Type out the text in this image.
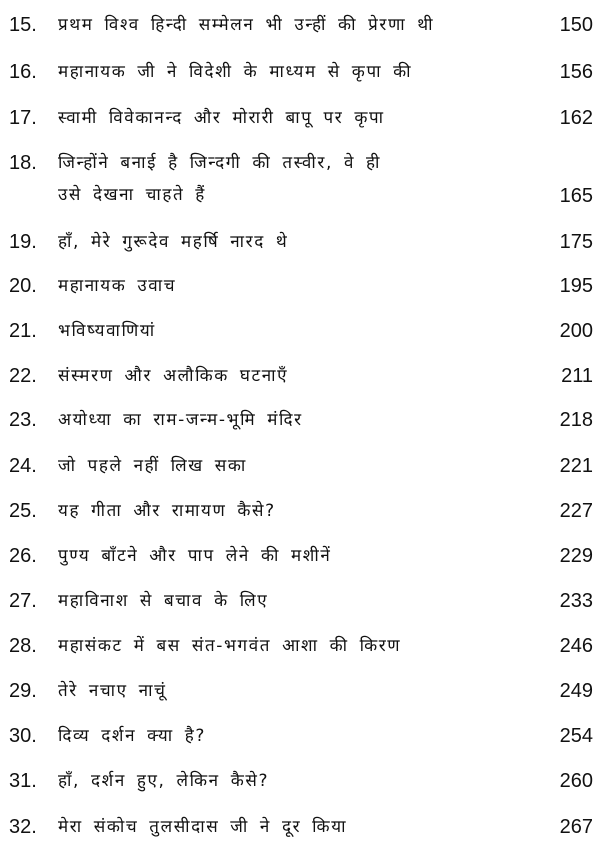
15. प्रथम विश्व हिन्दी सम्मेलन भी उन्हीं की प्रेरणा थी	150
16. महानायक जी ने विदेशी के माध्यम से कृपा की	156
17. स्वामी विवेकानन्द और मोरारी बापू पर कृपा	162
18. जिन्होंने बनाई है जिन्दगी की तस्वीर, वे ही
उसे देखना चाहते हैं	165
19. हाँ, मेरे गुरूदेव महर्षि नारद थे	175
20. महानायक उवाच	195
21. भविष्यवाणियां	200
22. संस्मरण और अलौकिक घटनाएँ	211
23. अयोध्या का राम-जन्म-भूमि मंदिर	218
24. जो पहले नहीं लिख सका	221
25. यह गीता और रामायण कैसे?	227
26. पुण्य बाँटने और पाप लेने की मशीनें	229
27. महाविनाश से बचाव के लिए	233
28. महासंकट में बस संत-भगवंत आशा की किरण	246
29. तेरे नचाए नाचूं	249
30. दिव्य दर्शन क्या है?	254
31. हाँ, दर्शन हुए, लेकिन कैसे?	260
32. मेरा संकोच तुलसीदास जी ने दूर किया	267
